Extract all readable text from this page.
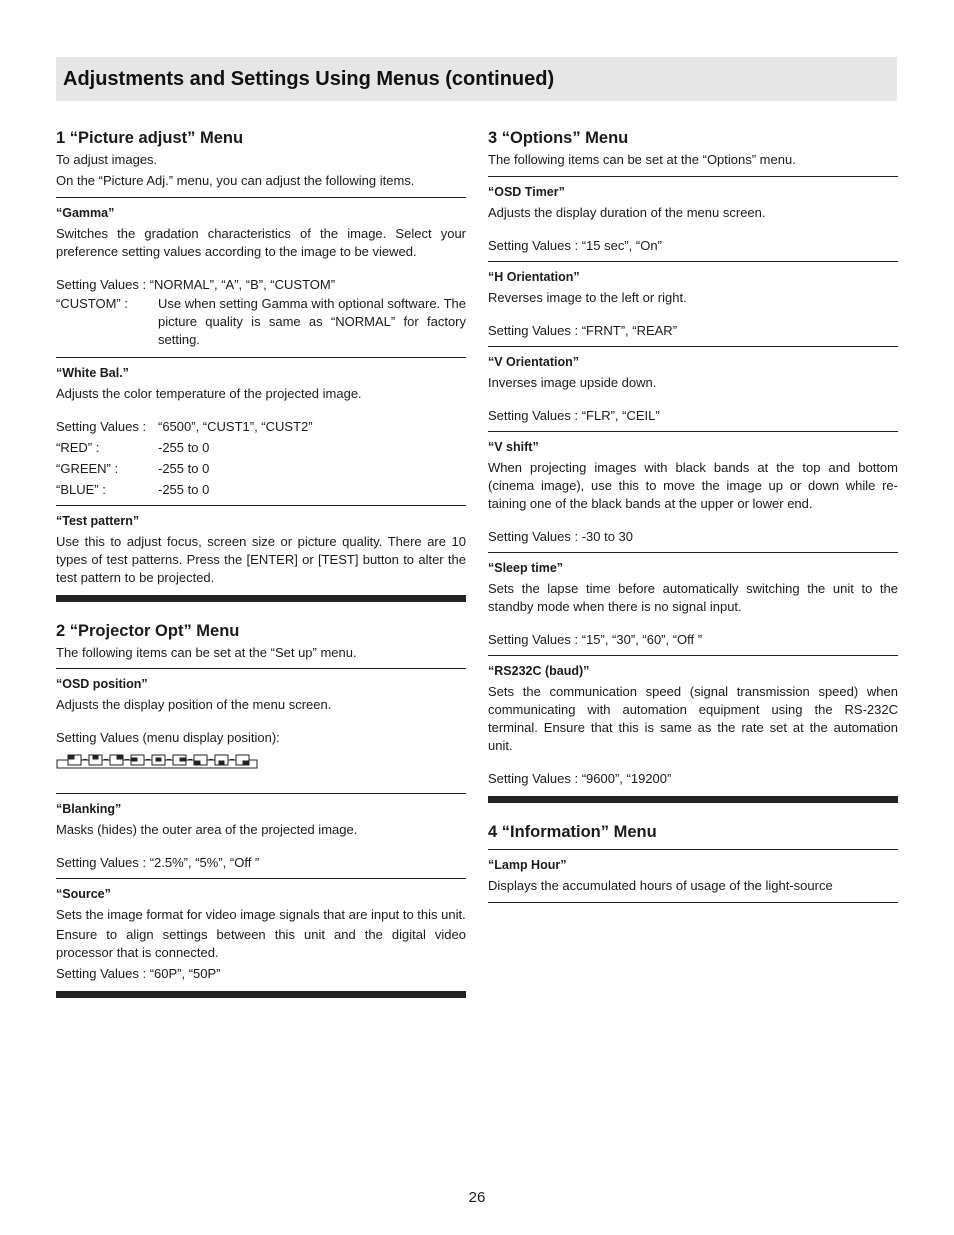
Adjustments and Settings Using Menus (continued)

1 “Picture adjust” Menu

To adjust images.

On the “Picture Adj.” menu, you can adjust the following items.

“Gamma”

Switches the gradation characteristics of the image. Select your preference setting values according to the image to be viewed.

Setting Values : “NORMAL”, “A”, “B”, “CUSTOM”

“CUSTOM” :	Use when setting Gamma with optional software. The picture quality is same as “NORMAL” for factory setting.

“White Bal.”

Adjusts the color temperature of the projected image.

Setting Values : “6500”, “CUST1”, “CUST2”
“RED” :	-255 to 0
“GREEN” :	-255 to 0
“BLUE” :	-255 to 0

“Test pattern”

Use this to adjust focus, screen size or picture quality. There are 10 types of test patterns. Press the [ENTER] or [TEST] button to alter the test pattern to be projected.

2 “Projector Opt” Menu

The following items can be set at the “Set up” menu.

“OSD position”

Adjusts the display position of the menu screen.

Setting Values (menu display position):

“Blanking”

Masks (hides) the outer area of the projected image.

Setting Values : “2.5%”, “5%”, “Off ”

“Source”

Sets the image format for video image signals that are input to this unit.

Ensure to align settings between this unit and the digital video processor that is connected.

Setting Values : “60P”, “50P”

3 “Options” Menu

The following items can be set at the “Options” menu.

“OSD Timer”

Adjusts the display duration of the menu screen.

Setting Values : “15 sec”, “On”

“H Orientation”

Reverses image to the left or right.

Setting Values : “FRNT”, “REAR”

“V Orientation”

Inverses image upside down.

Setting Values : “FLR”, “CEIL”

“V shift”

When projecting images with black bands at the top and bottom (cinema image), use this to move the image up or down while re-taining one of the black bands at the upper or lower end.

Setting Values : -30 to 30

“Sleep time”

Sets the lapse time before automatically switching the unit to the standby mode when there is no signal input.

Setting Values : “15”, “30”, “60”, “Off ”

“RS232C (baud)”

Sets the communication speed (signal transmission speed) when communicating with automation equipment using the RS-232C terminal. Ensure that this is same as the rate set at the automation unit.

Setting Values : “9600”, “19200”

4 “Information” Menu

“Lamp Hour”

Displays the accumulated hours of usage of the light-source

26
